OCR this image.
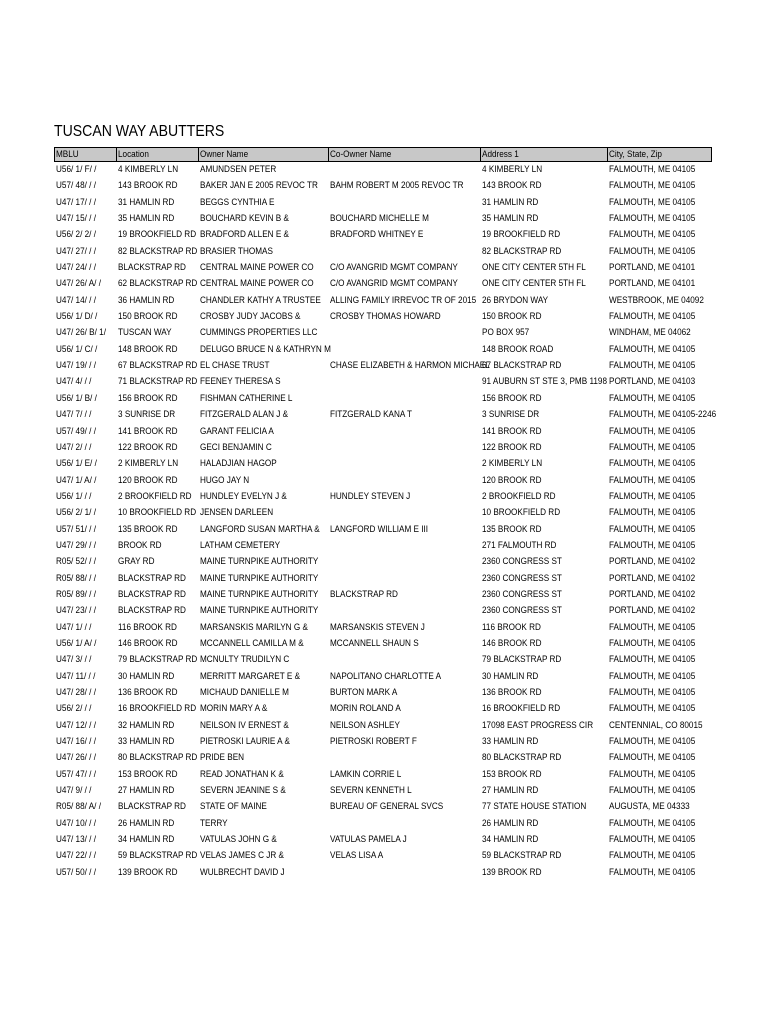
TUSCAN WAY ABUTTERS
MBLU	Location	Owner Name	Co-Owner Name	Address 1	City, State, Zip
U56/ 1/ F/ /	4 KIMBERLY LN	AMUNDSEN PETER		4 KIMBERLY LN	FALMOUTH, ME 04105
U57/ 48/ / /	143 BROOK RD	BAKER JAN E 2005 REVOC TR	BAHM ROBERT M 2005 REVOC TR	143 BROOK RD	FALMOUTH, ME 04105
U47/ 17/ / /	31 HAMLIN RD	BEGGS CYNTHIA E		31 HAMLIN RD	FALMOUTH, ME 04105
U47/ 15/ / /	35 HAMLIN RD	BOUCHARD KEVIN B &	BOUCHARD MICHELLE M	35 HAMLIN RD	FALMOUTH, ME 04105
U56/ 2/ 2/ /	19 BROOKFIELD RD	BRADFORD ALLEN E &	BRADFORD WHITNEY E	19 BROOKFIELD RD	FALMOUTH, ME 04105
U47/ 27/ / /	82 BLACKSTRAP RD	BRASIER THOMAS		82 BLACKSTRAP RD	FALMOUTH, ME 04105
U47/ 24/ / /	BLACKSTRAP RD	CENTRAL MAINE POWER CO	C/O AVANGRID MGMT COMPANY	ONE CITY CENTER 5TH FL	PORTLAND, ME 04101
U47/ 26/ A/ /	62 BLACKSTRAP RD	CENTRAL MAINE POWER CO	C/O AVANGRID MGMT COMPANY	ONE CITY CENTER 5TH FL	PORTLAND, ME 04101
U47/ 14/ / /	36 HAMLIN RD	CHANDLER KATHY A TRUSTEE	ALLING FAMILY IRREVOC TR OF 2015	26 BRYDON WAY	WESTBROOK, ME 04092
U56/ 1/ D/ /	150 BROOK RD	CROSBY JUDY JACOBS &	CROSBY THOMAS HOWARD	150 BROOK RD	FALMOUTH, ME 04105
U47/ 26/ B/ 1/	TUSCAN WAY	CUMMINGS PROPERTIES LLC		PO BOX 957	WINDHAM, ME 04062
U56/ 1/ C/ /	148 BROOK RD	DELUGO BRUCE N & KATHRYN M		148 BROOK ROAD	FALMOUTH, ME 04105
U47/ 19/ / /	67 BLACKSTRAP RD	EL CHASE TRUST	CHASE ELIZABETH & HARMON MICHAEL	67 BLACKSTRAP RD	FALMOUTH, ME 04105
U47/ 4/ / /	71 BLACKSTRAP RD	FEENEY THERESA S		91 AUBURN ST STE 3, PMB 1198	PORTLAND, ME 04103
U56/ 1/ B/ /	156 BROOK RD	FISHMAN CATHERINE L		156 BROOK RD	FALMOUTH, ME 04105
U47/ 7/ / /	3 SUNRISE DR	FITZGERALD ALAN J &	FITZGERALD KANA T	3 SUNRISE DR	FALMOUTH, ME 04105-2246
U57/ 49/ / /	141 BROOK RD	GARANT FELICIA A		141 BROOK RD	FALMOUTH, ME 04105
U47/ 2/ / /	122 BROOK RD	GECI BENJAMIN C		122 BROOK RD	FALMOUTH, ME 04105
U56/ 1/ E/ /	2 KIMBERLY LN	HALADJIAN HAGOP		2 KIMBERLY LN	FALMOUTH, ME 04105
U47/ 1/ A/ /	120 BROOK RD	HUGO JAY N		120 BROOK RD	FALMOUTH, ME 04105
U56/ 1/ / /	2 BROOKFIELD RD	HUNDLEY EVELYN J &	HUNDLEY STEVEN J	2 BROOKFIELD RD	FALMOUTH, ME 04105
U56/ 2/ 1/ /	10 BROOKFIELD RD	JENSEN DARLEEN		10 BROOKFIELD RD	FALMOUTH, ME 04105
U57/ 51/ / /	135 BROOK RD	LANGFORD SUSAN MARTHA &	LANGFORD WILLIAM E III	135 BROOK RD	FALMOUTH, ME 04105
U47/ 29/ / /	BROOK RD	LATHAM CEMETERY		271 FALMOUTH RD	FALMOUTH, ME 04105
R05/ 52/ / /	GRAY RD	MAINE TURNPIKE AUTHORITY		2360 CONGRESS ST	PORTLAND, ME 04102
R05/ 88/ / /	BLACKSTRAP RD	MAINE TURNPIKE AUTHORITY		2360 CONGRESS ST	PORTLAND, ME 04102
R05/ 89/ / /	BLACKSTRAP RD	MAINE TURNPIKE AUTHORITY	BLACKSTRAP RD	2360 CONGRESS ST	PORTLAND, ME 04102
U47/ 23/ / /	BLACKSTRAP RD	MAINE TURNPIKE AUTHORITY		2360 CONGRESS ST	PORTLAND, ME 04102
U47/ 1/ / /	116 BROOK RD	MARSANSKIS MARILYN G &	MARSANSKIS STEVEN J	116 BROOK RD	FALMOUTH, ME 04105
U56/ 1/ A/ /	146 BROOK RD	MCCANNELL CAMILLA M &	MCCANNELL SHAUN S	146 BROOK RD	FALMOUTH, ME 04105
U47/ 3/ / /	79 BLACKSTRAP RD	MCNULTY TRUDILYN C		79 BLACKSTRAP RD	FALMOUTH, ME 04105
U47/ 11/ / /	30 HAMLIN RD	MERRITT MARGARET E &	NAPOLITANO CHARLOTTE A	30 HAMLIN RD	FALMOUTH, ME 04105
U47/ 28/ / /	136 BROOK RD	MICHAUD DANIELLE M	BURTON MARK A	136 BROOK RD	FALMOUTH, ME 04105
U56/ 2/ / /	16 BROOKFIELD RD	MORIN MARY A &	MORIN ROLAND A	16 BROOKFIELD RD	FALMOUTH, ME 04105
U47/ 12/ / /	32 HAMLIN RD	NEILSON IV ERNEST &	NEILSON ASHLEY	17098 EAST PROGRESS CIR	CENTENNIAL, CO 80015
U47/ 16/ / /	33 HAMLIN RD	PIETROSKI LAURIE A &	PIETROSKI ROBERT F	33 HAMLIN RD	FALMOUTH, ME 04105
U47/ 26/ / /	80 BLACKSTRAP RD	PRIDE BEN		80 BLACKSTRAP RD	FALMOUTH, ME 04105
U57/ 47/ / /	153 BROOK RD	READ JONATHAN K &	LAMKIN CORRIE L	153 BROOK RD	FALMOUTH, ME 04105
U47/ 9/ / /	27 HAMLIN RD	SEVERN JEANINE S &	SEVERN KENNETH L	27 HAMLIN RD	FALMOUTH, ME 04105
R05/ 88/ A/ /	BLACKSTRAP RD	STATE OF MAINE	BUREAU OF GENERAL SVCS	77 STATE HOUSE STATION	AUGUSTA, ME 04333
U47/ 10/ / /	26 HAMLIN RD	TERRY		26 HAMLIN RD	FALMOUTH, ME 04105
U47/ 13/ / /	34 HAMLIN RD	VATULAS JOHN G &	VATULAS PAMELA J	34 HAMLIN RD	FALMOUTH, ME 04105
U47/ 22/ / /	59 BLACKSTRAP RD	VELAS JAMES C JR &	VELAS LISA A	59 BLACKSTRAP RD	FALMOUTH, ME 04105
U57/ 50/ / /	139 BROOK RD	WULBRECHT DAVID J		139 BROOK RD	FALMOUTH, ME 04105
